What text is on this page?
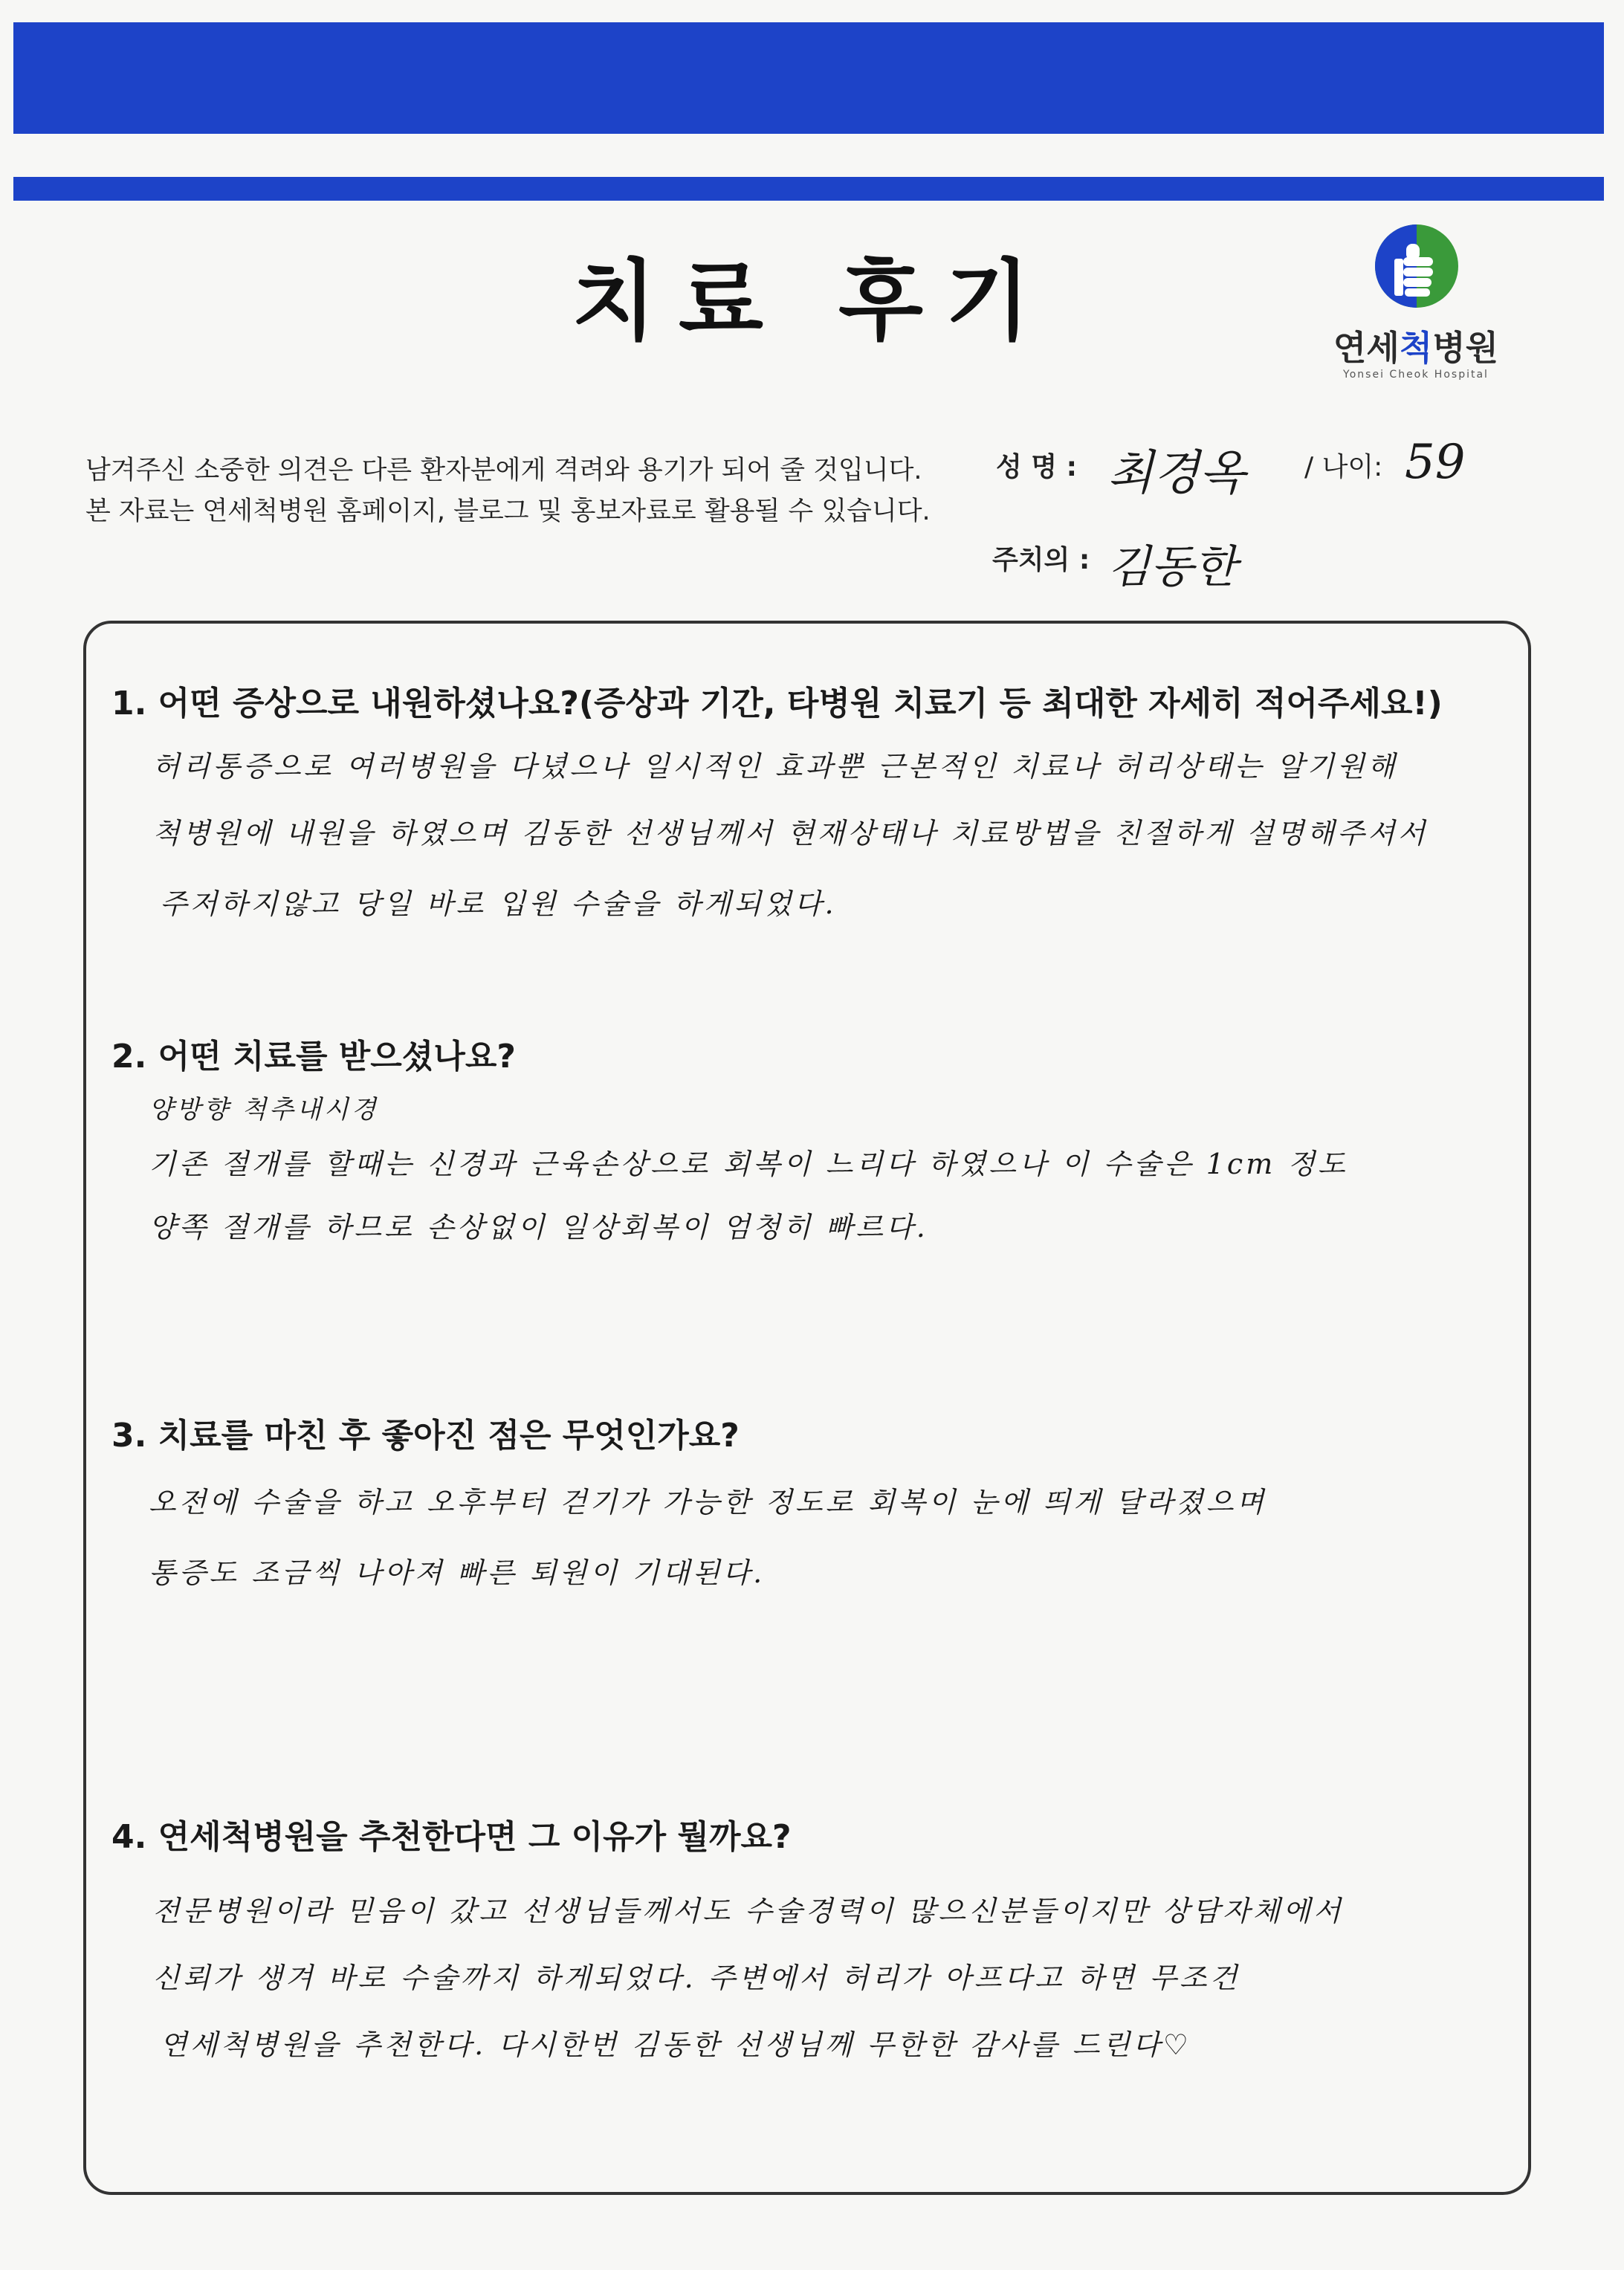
치료 후기	연세척병원
Yonsei Cheok Hospital
남겨주신 소중한 의견은 다른 환자분에게 격려와 용기가 되어 줄 것입니다.
본 자료는 연세척병원 홈페이지, 블로그 및 홍보자료로 활용될 수 있습니다.
성 명 : 최경옥 / 나이: 59
주치의 : 김동한
1. 어떤 증상으로 내원하셨나요?(증상과 기간, 타병원 치료기 등 최대한 자세히 적어주세요!)
허리통증으로 여러병원을 다녔으나 일시적인 효과뿐 근본적인 치료나 허리상태는 알기원해
척병원에 내원을 하였으며 김동한 선생님께서 현재상태나 치료방법을 친절하게 설명해주셔서
주저하지않고 당일 바로 입원 수술을 하게되었다.
2. 어떤 치료를 받으셨나요?
양방향 척추내시경
기존 절개를 할때는 신경과 근육손상으로 회복이 느리다 하였으나 이 수술은 1cm 정도
양쪽 절개를 하므로 손상없이 일상회복이 엄청히 빠르다.
3. 치료를 마친 후 좋아진 점은 무엇인가요?
오전에 수술을 하고 오후부터 걷기가 가능한 정도로 회복이 눈에 띄게 달라졌으며
통증도 조금씩 나아져 빠른 퇴원이 기대된다.
4. 연세척병원을 추천한다면 그 이유가 뭘까요?
전문병원이라 믿음이 갔고 선생님들께서도 수술경력이 많으신분들이지만 상담자체에서
신뢰가 생겨 바로 수술까지 하게되었다. 주변에서 허리가 아프다고 하면 무조건
연세척병원을 추천한다. 다시한번 김동한 선생님께 무한한 감사를 드린다♡
